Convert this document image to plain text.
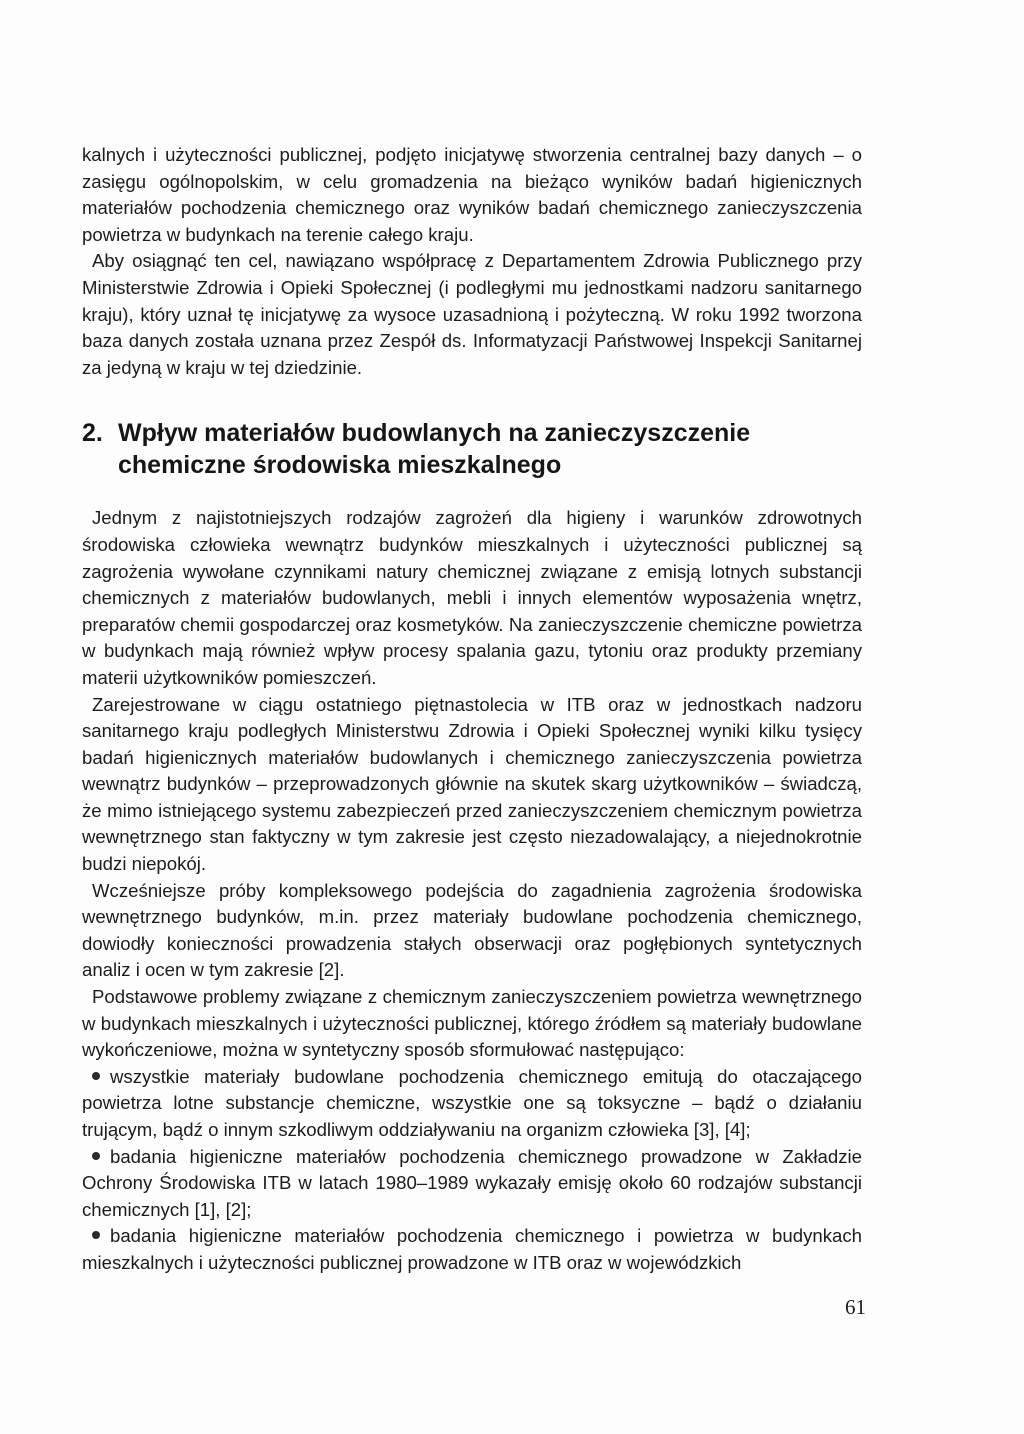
kalnych i użyteczności publicznej, podjęto inicjatywę stworzenia centralnej bazy danych – o zasięgu ogólnopolskim, w celu gromadzenia na bieżąco wyników badań higienicznych materiałów pochodzenia chemicznego oraz wyników badań chemicznego zanieczyszczenia powietrza w budynkach na terenie całego kraju.

Aby osiągnąć ten cel, nawiązano współpracę z Departamentem Zdrowia Publicznego przy Ministerstwie Zdrowia i Opieki Społecznej (i podległymi mu jednostkami nadzoru sanitarnego kraju), który uznał tę inicjatywę za wysoce uzasadnioną i pożyteczną. W roku 1992 tworzona baza danych została uznana przez Zespół ds. Informatyzacji Państwowej Inspekcji Sanitarnej za jedyną w kraju w tej dziedzinie.

2. Wpływ materiałów budowlanych na zanieczyszczenie
chemiczne środowiska mieszkalnego

Jednym z najistotniejszych rodzajów zagrożeń dla higieny i warunków zdrowotnych środowiska człowieka wewnątrz budynków mieszkalnych i użyteczności publicznej są zagrożenia wywołane czynnikami natury chemicznej związane z emisją lotnych substancji chemicznych z materiałów budowlanych, mebli i innych elementów wyposażenia wnętrz, preparatów chemii gospodarczej oraz kosmetyków. Na zanieczyszczenie chemiczne powietrza w budynkach mają również wpływ procesy spalania gazu, tytoniu oraz produkty przemiany materii użytkowników pomieszczeń.

Zarejestrowane w ciągu ostatniego piętnastolecia w ITB oraz w jednostkach nadzoru sanitarnego kraju podległych Ministerstwu Zdrowia i Opieki Społecznej wyniki kilku tysięcy badań higienicznych materiałów budowlanych i chemicznego zanieczyszczenia powietrza wewnątrz budynków – przeprowadzonych głównie na skutek skarg użytkowników – świadczą, że mimo istniejącego systemu zabezpieczeń przed zanieczyszczeniem chemicznym powietrza wewnętrznego stan faktyczny w tym zakresie jest często niezadowalający, a niejednokrotnie budzi niepokój.

Wcześniejsze próby kompleksowego podejścia do zagadnienia zagrożenia środowiska wewnętrznego budynków, m.in. przez materiały budowlane pochodzenia chemicznego, dowiodły konieczności prowadzenia stałych obserwacji oraz pogłębionych syntetycznych analiz i ocen w tym zakresie [2].

Podstawowe problemy związane z chemicznym zanieczyszczeniem powietrza wewnętrznego w budynkach mieszkalnych i użyteczności publicznej, którego źródłem są materiały budowlane wykończeniowe, można w syntetyczny sposób sformułować następująco:

wszystkie materiały budowlane pochodzenia chemicznego emitują do otaczającego powietrza lotne substancje chemiczne, wszystkie one są toksyczne – bądź o działaniu trującym, bądź o innym szkodliwym oddziaływaniu na organizm człowieka [3], [4];
badania higieniczne materiałów pochodzenia chemicznego prowadzone w Zakładzie Ochrony Środowiska ITB w latach 1980–1989 wykazały emisję około 60 rodzajów substancji chemicznych [1], [2];
badania higieniczne materiałów pochodzenia chemicznego i powietrza w budynkach mieszkalnych i użyteczności publicznej prowadzone w ITB oraz w wojewódzkich
61
